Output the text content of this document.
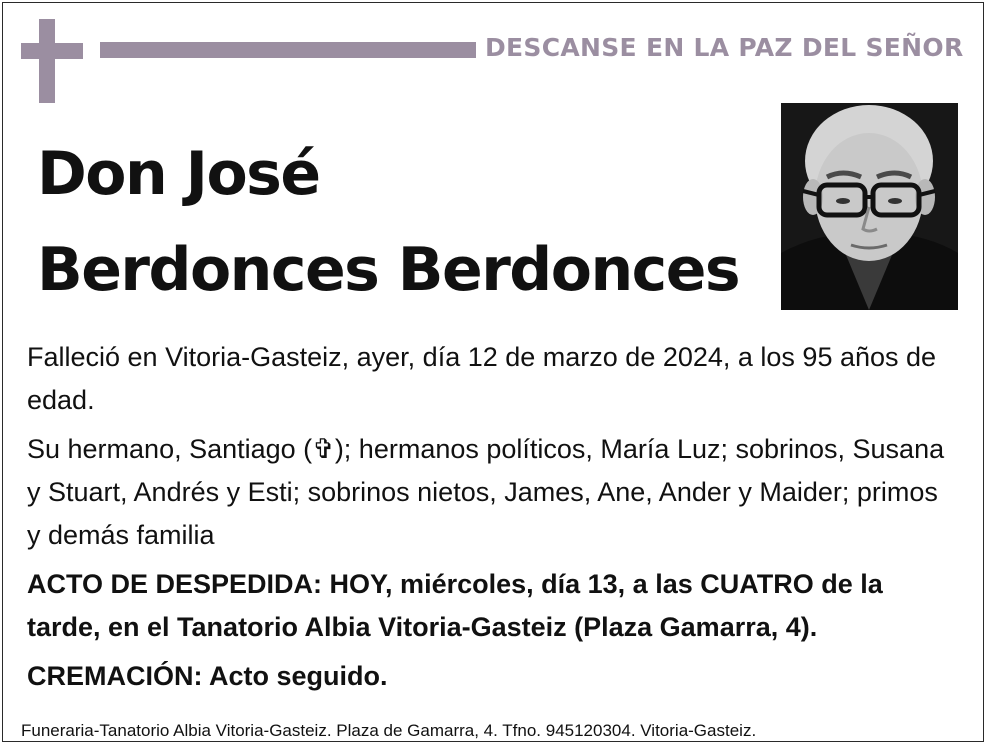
DESCANSE EN LA PAZ DEL SEÑOR
Don José
Berdonces Berdonces
Falleció en Vitoria-Gasteiz, ayer, día 12 de marzo de 2024, a los 95 años de edad.
Su hermano, Santiago (✞); hermanos políticos, María Luz; sobrinos, Susana y Stuart, Andrés y Esti; sobrinos nietos, James, Ane, Ander y Maider; primos y demás familia
ACTO DE DESPEDIDA: HOY, miércoles, día 13, a las CUATRO de la tarde, en el Tanatorio Albia Vitoria-Gasteiz (Plaza Gamarra, 4).
CREMACIÓN: Acto seguido.
Funeraria-Tanatorio Albia Vitoria-Gasteiz. Plaza de Gamarra, 4. Tfno. 945120304. Vitoria-Gasteiz.
